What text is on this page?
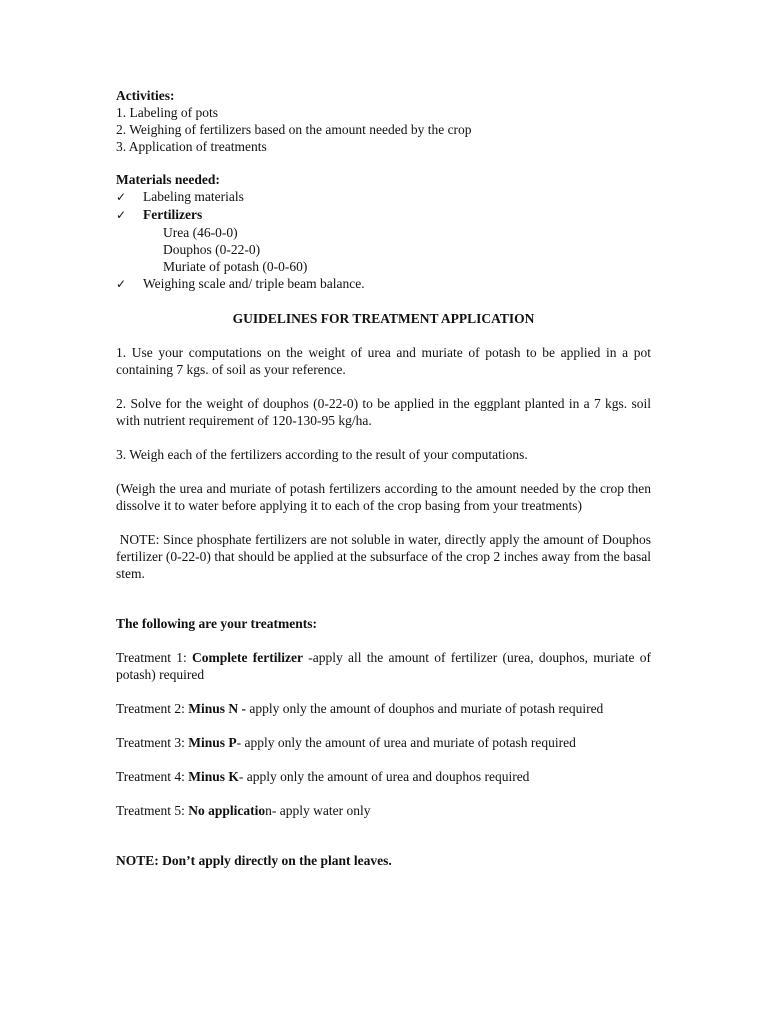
Activities:
1. Labeling of pots
2. Weighing of fertilizers based on the amount needed by the crop
3. Application of treatments
Materials needed:
✓	Labeling materials
✓	Fertilizers
Urea (46-0-0)
Douphos (0-22-0)
Muriate of potash (0-0-60)
✓	Weighing scale and/ triple beam balance.
GUIDELINES FOR TREATMENT APPLICATION

1. Use your computations on the weight of urea and muriate of potash to be applied in a pot containing 7 kgs. of soil as your reference.

2. Solve for the weight of douphos (0-22-0) to be applied in the eggplant planted in a 7 kgs. soil with nutrient requirement of 120-130-95 kg/ha.

3. Weigh each of the fertilizers according to the result of your computations.

(Weigh the urea and muriate of potash fertilizers according to the amount needed by the crop then dissolve it to water before applying it to each of the crop basing from your treatments)

NOTE: Since phosphate fertilizers are not soluble in water, directly apply the amount of Douphos  fertilizer (0-22-0) that should be applied at the subsurface of the crop 2 inches away from the basal stem.

The following are your treatments:

Treatment 1: Complete fertilizer -apply all the amount of fertilizer (urea, douphos, muriate of potash) required

Treatment 2: Minus N - apply only the amount of douphos and muriate of potash required

Treatment 3: Minus P- apply only the amount of urea and muriate of potash required

Treatment 4: Minus K- apply only the amount of urea and douphos required

Treatment 5: No application- apply water only

NOTE: Don’t apply directly on the plant leaves.
